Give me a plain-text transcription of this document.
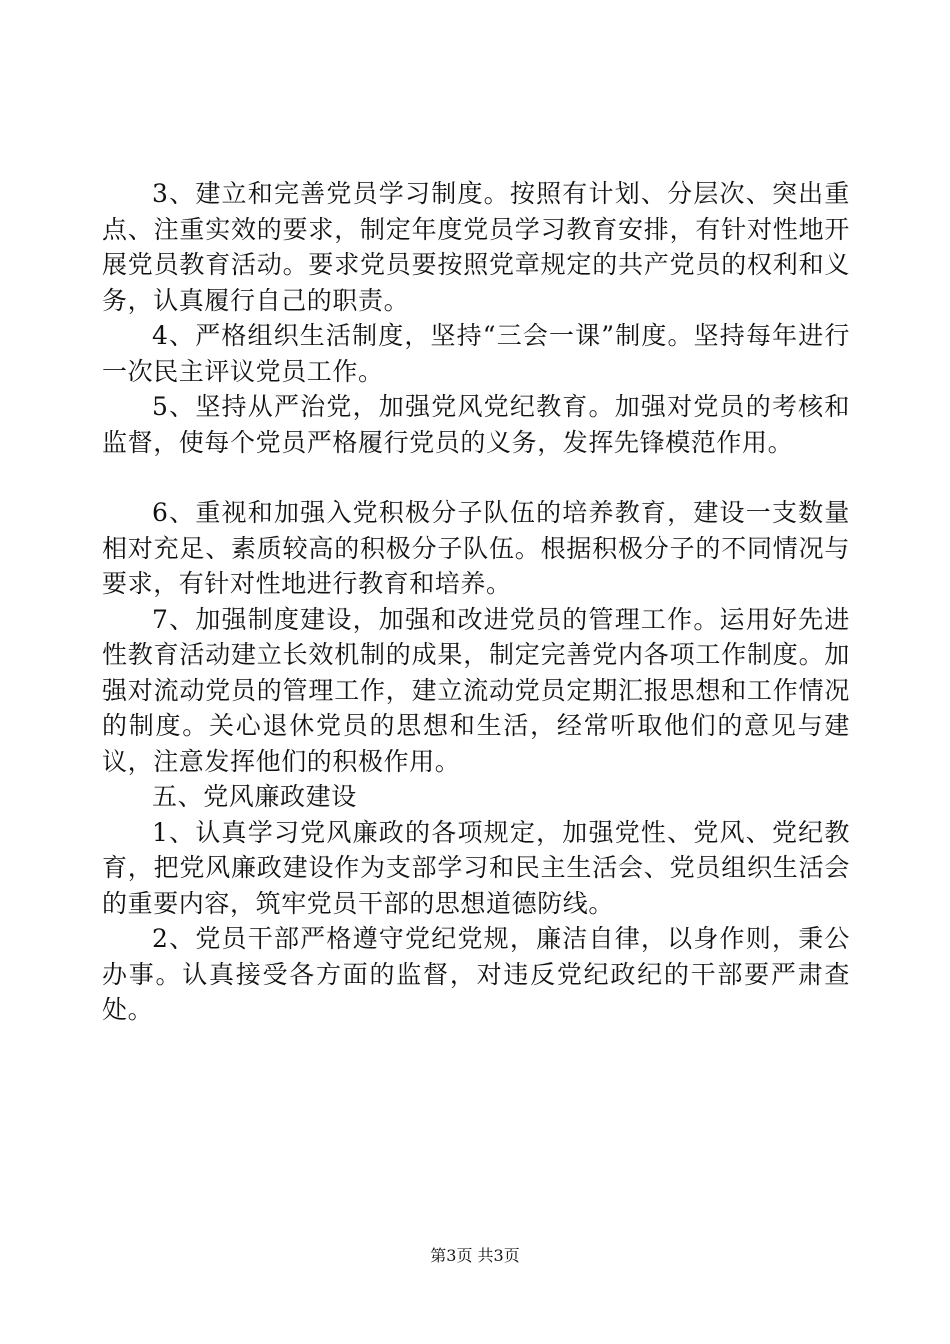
3、建立和完善党员学习制度。按照有计划、分层次、突出重点、注重实效的要求，制定年度党员学习教育安排，有针对性地开展党员教育活动。要求党员要按照党章规定的共产党员的权利和义务，认真履行自己的职责。

4、严格组织生活制度，坚持“三会一课”制度。坚持每年进行一次民主评议党员工作。

5、坚持从严治党，加强党风党纪教育。加强对党员的考核和监督，使每个党员严格履行党员的义务，发挥先锋模范作用。

6、重视和加强入党积极分子队伍的培养教育，建设一支数量相对充足、素质较高的积极分子队伍。根据积极分子的不同情况与要求，有针对性地进行教育和培养。

7、加强制度建设，加强和改进党员的管理工作。运用好先进性教育活动建立长效机制的成果，制定完善党内各项工作制度。加强对流动党员的管理工作，建立流动党员定期汇报思想和工作情况的制度。关心退休党员的思想和生活，经常听取他们的意见与建议，注意发挥他们的积极作用。

五、党风廉政建设

1、认真学习党风廉政的各项规定，加强党性、党风、党纪教育，把党风廉政建设作为支部学习和民主生活会、党员组织生活会的重要内容，筑牢党员干部的思想道德防线。

2、党员干部严格遵守党纪党规，廉洁自律，以身作则，秉公办事。认真接受各方面的监督，对违反党纪政纪的干部要严肃查处。

第3页 共3页
